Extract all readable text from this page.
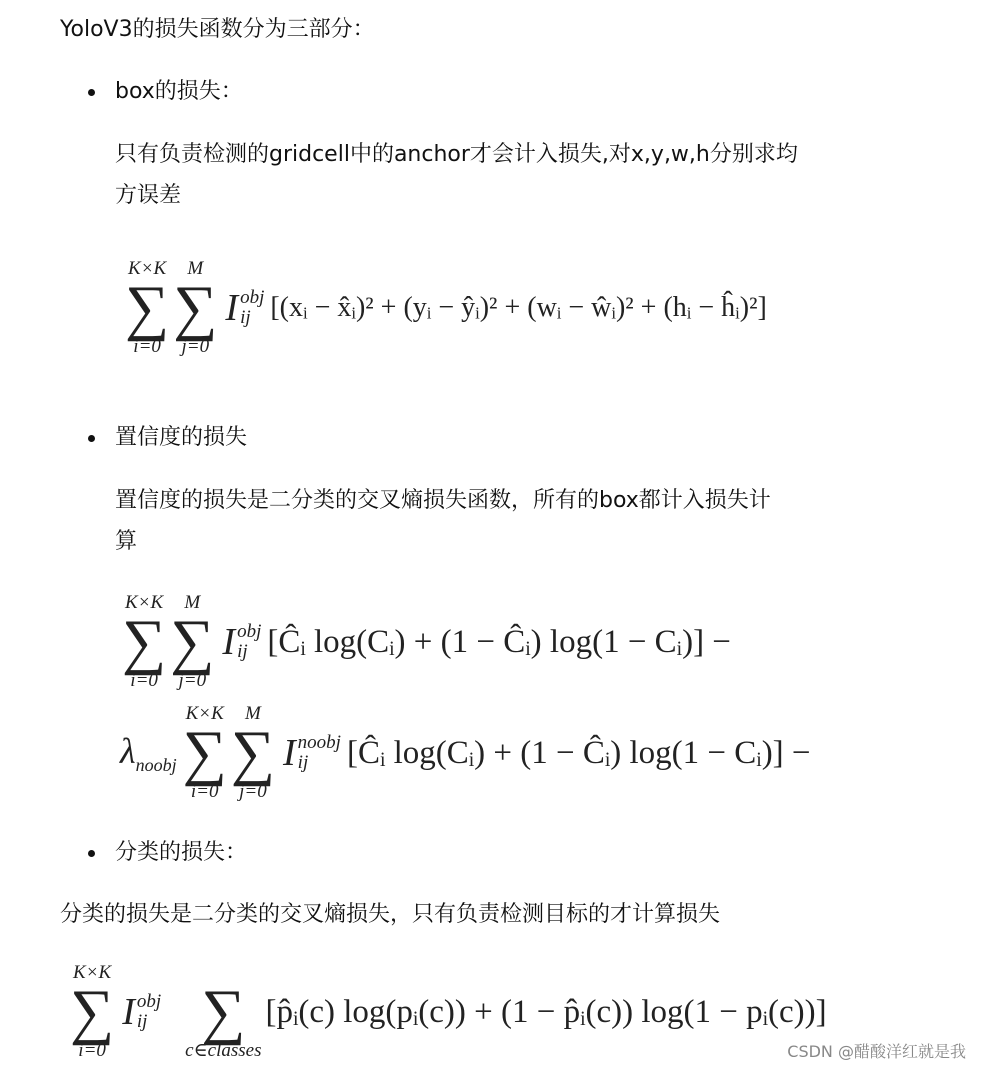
YoloV3的损失函数分为三部分：
box的损失：
只有负责检测的gridcell中的anchor才会计入损失,对x,y,w,h分别求均
方误差
K×K
∑
i=0
M
∑
j=0
I obj
ij [(xᵢ − x̂ᵢ)² + (yᵢ − ŷᵢ)² + (wᵢ − ŵᵢ)² + (hᵢ − ĥᵢ)²]
置信度的损失
置信度的损失是二分类的交叉熵损失函数，所有的box都计入损失计
算
K×K
∑
i=0
M
∑
j=0
I obj
ij [Ĉᵢ log(Cᵢ) + (1 − Ĉᵢ) log(1 − Cᵢ)] −
$\lambda_{noobj}$
K×K
∑
i=0
M
∑
j=0
I noobj
ij	[Ĉᵢ log(Cᵢ) + (1 − Ĉᵢ) log(1 − Cᵢ)] −
分类的损失：
分类的损失是二分类的交叉熵损失，只有负责检测目标的才计算损失
K×K
∑
i=0
I obj
ij
∑
c∈classes
[p̂ᵢ(c) log(pᵢ(c)) + (1 − p̂ᵢ(c)) log(1 − pᵢ(c))]
CSDN @醋酸洋红就是我
